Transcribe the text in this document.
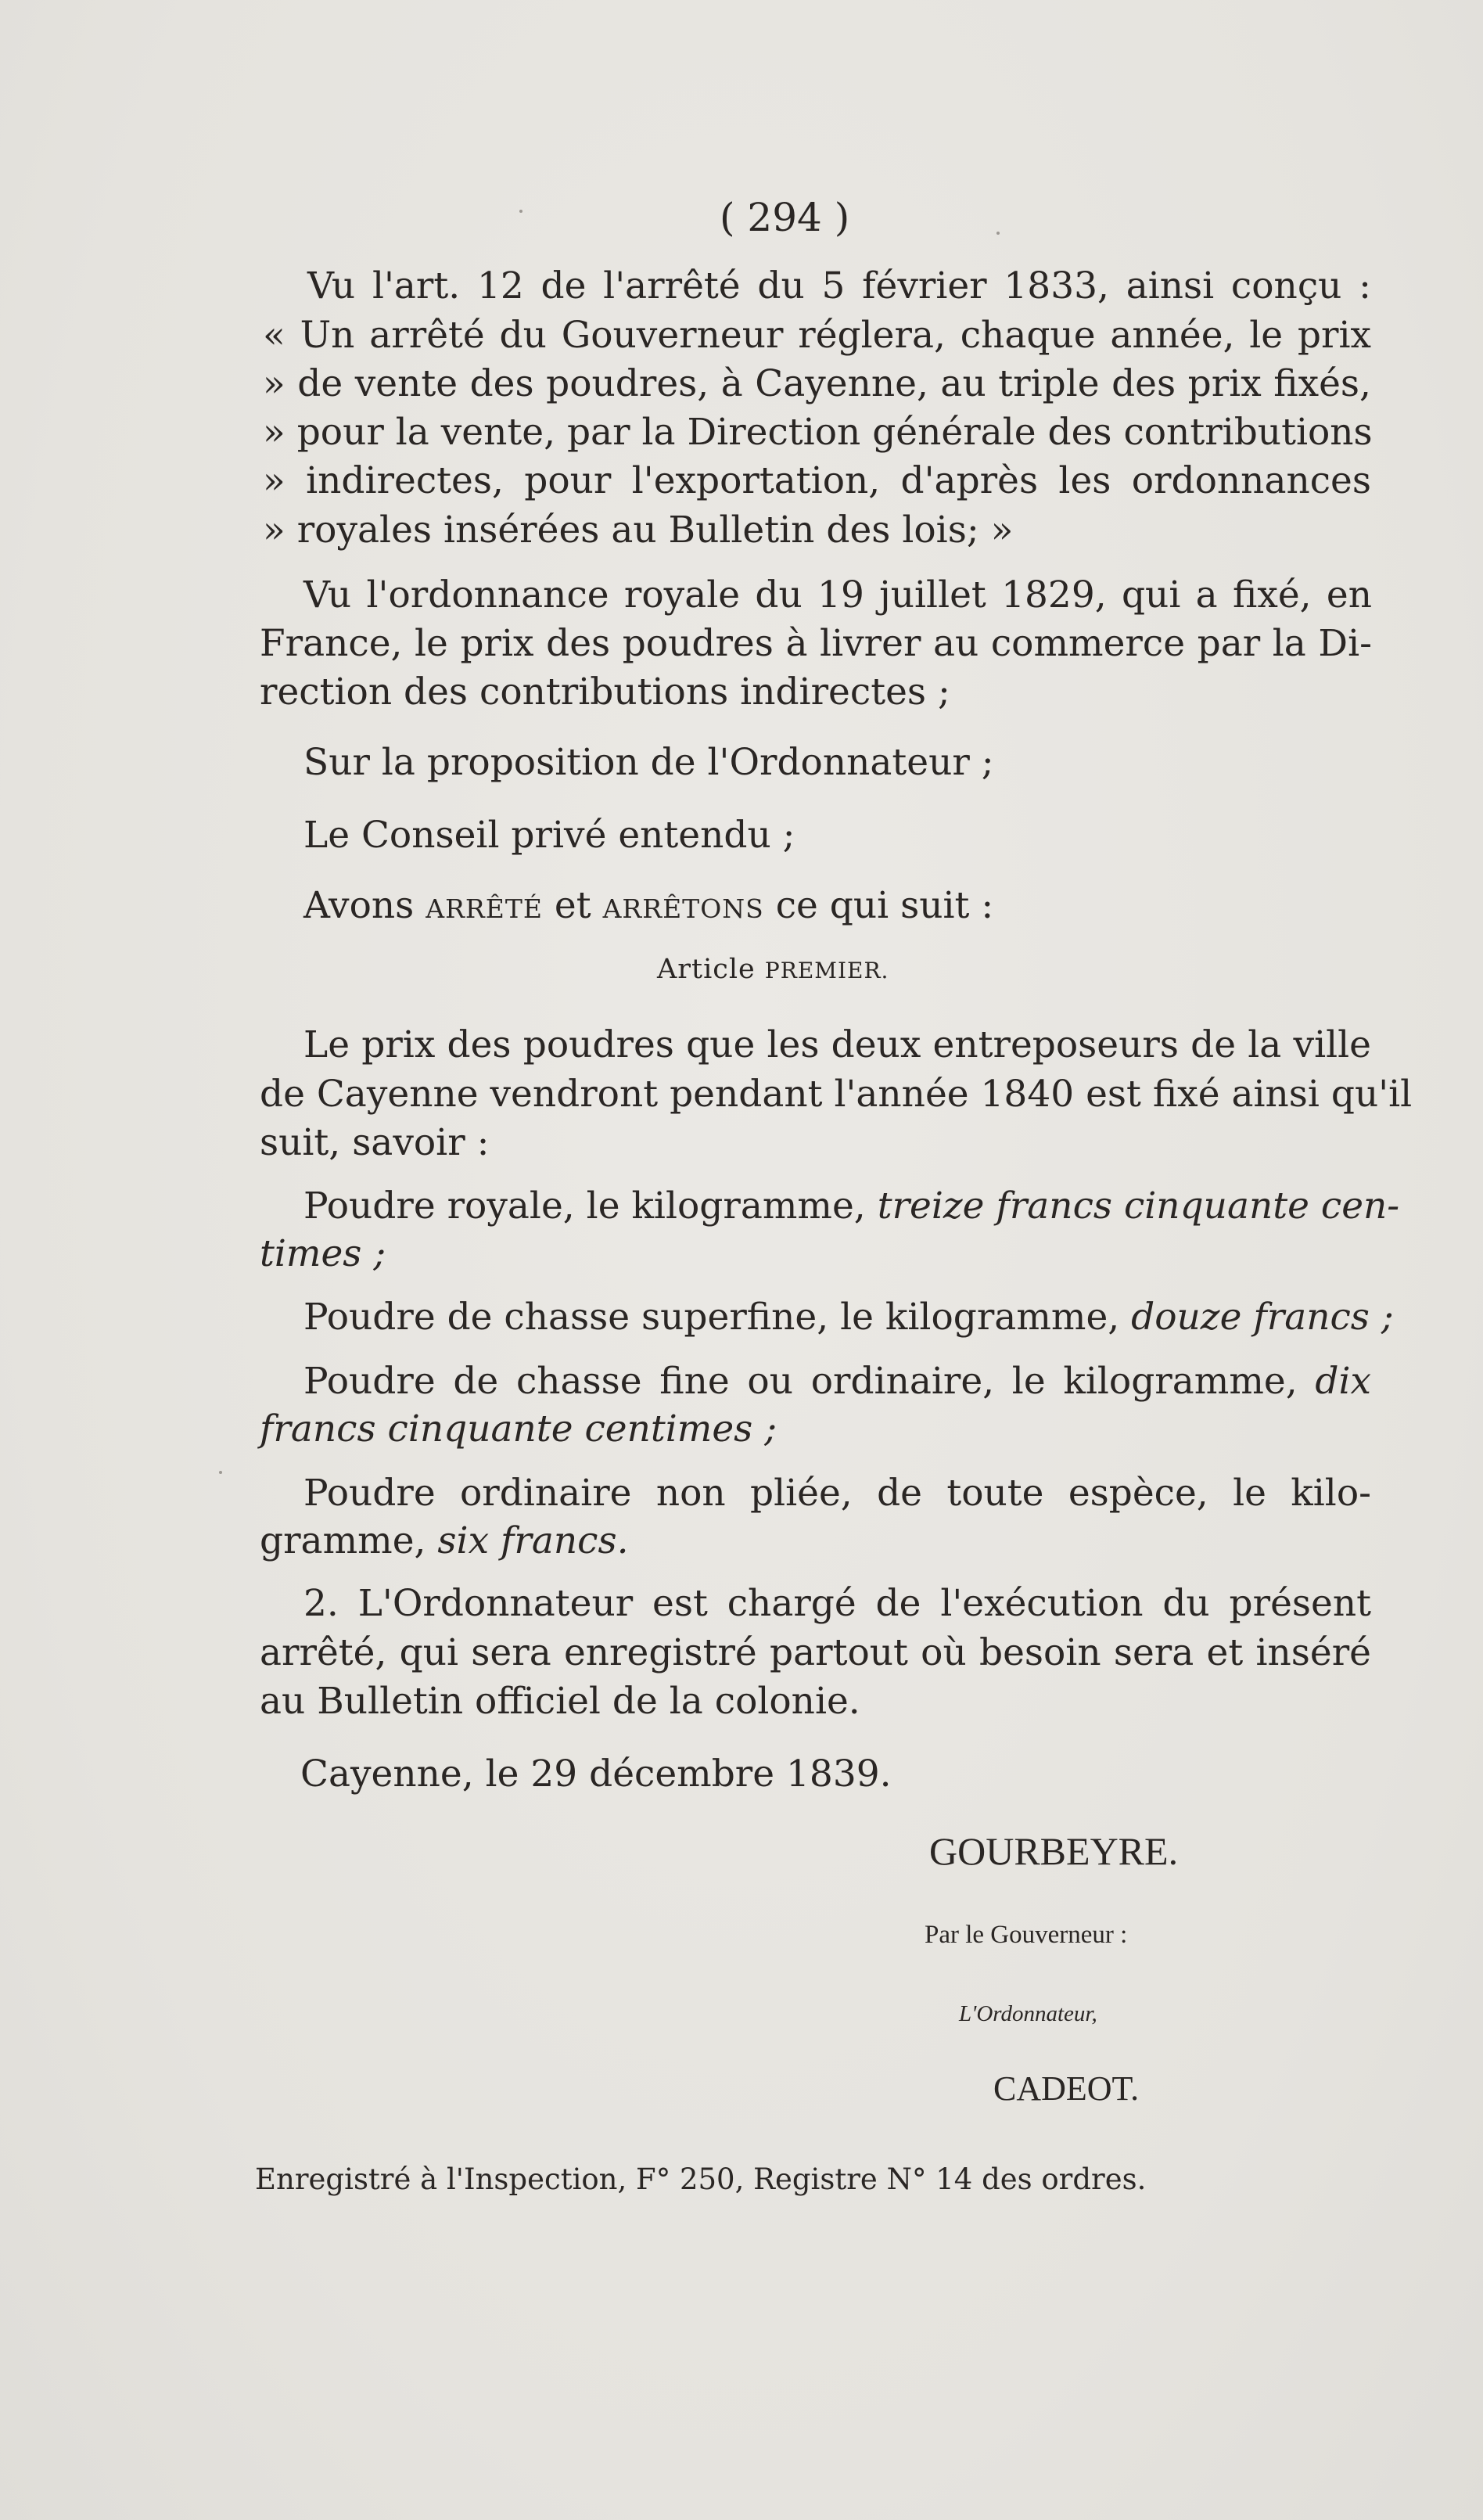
( 294 )
Vu l'art. 12 de l'arrêté du 5 février 1833, ainsi conçu :
« Un arrêté du Gouverneur réglera, chaque année, le prix
» de vente des poudres, à Cayenne, au triple des prix fixés,
» pour la vente, par la Direction générale des contributions
» indirectes, pour l'exportation, d'après les ordonnances
» royales insérées au Bulletin des lois; »
Vu l'ordonnance royale du 19 juillet 1829, qui a fixé, en
France, le prix des poudres à livrer au commerce par la Di-
rection des contributions indirectes ;
Sur la proposition de l'Ordonnateur ;
Le Conseil privé entendu ;
Avons ARRÊTÉ et ARRÊTONS ce qui suit :
Article PREMIER.
Le prix des poudres que les deux entreposeurs de la ville
de Cayenne vendront pendant l'année 1840 est fixé ainsi qu'il
suit, savoir :
Poudre royale, le kilogramme, treize francs cinquante cen-
times ;
Poudre de chasse superfine, le kilogramme, douze francs ;
Poudre de chasse fine ou ordinaire, le kilogramme, dix
francs cinquante centimes ;
Poudre ordinaire non pliée, de toute espèce, le kilo-
gramme, six francs.
2. L'Ordonnateur est chargé de l'exécution du présent
arrêté, qui sera enregistré partout où besoin sera et inséré
au Bulletin officiel de la colonie.
Cayenne, le 29 décembre 1839.
GOURBEYRE.
Par le Gouverneur :
L'Ordonnateur,
CADEOT.
Enregistré à l'Inspection, F° 250, Registre N° 14 des ordres.
